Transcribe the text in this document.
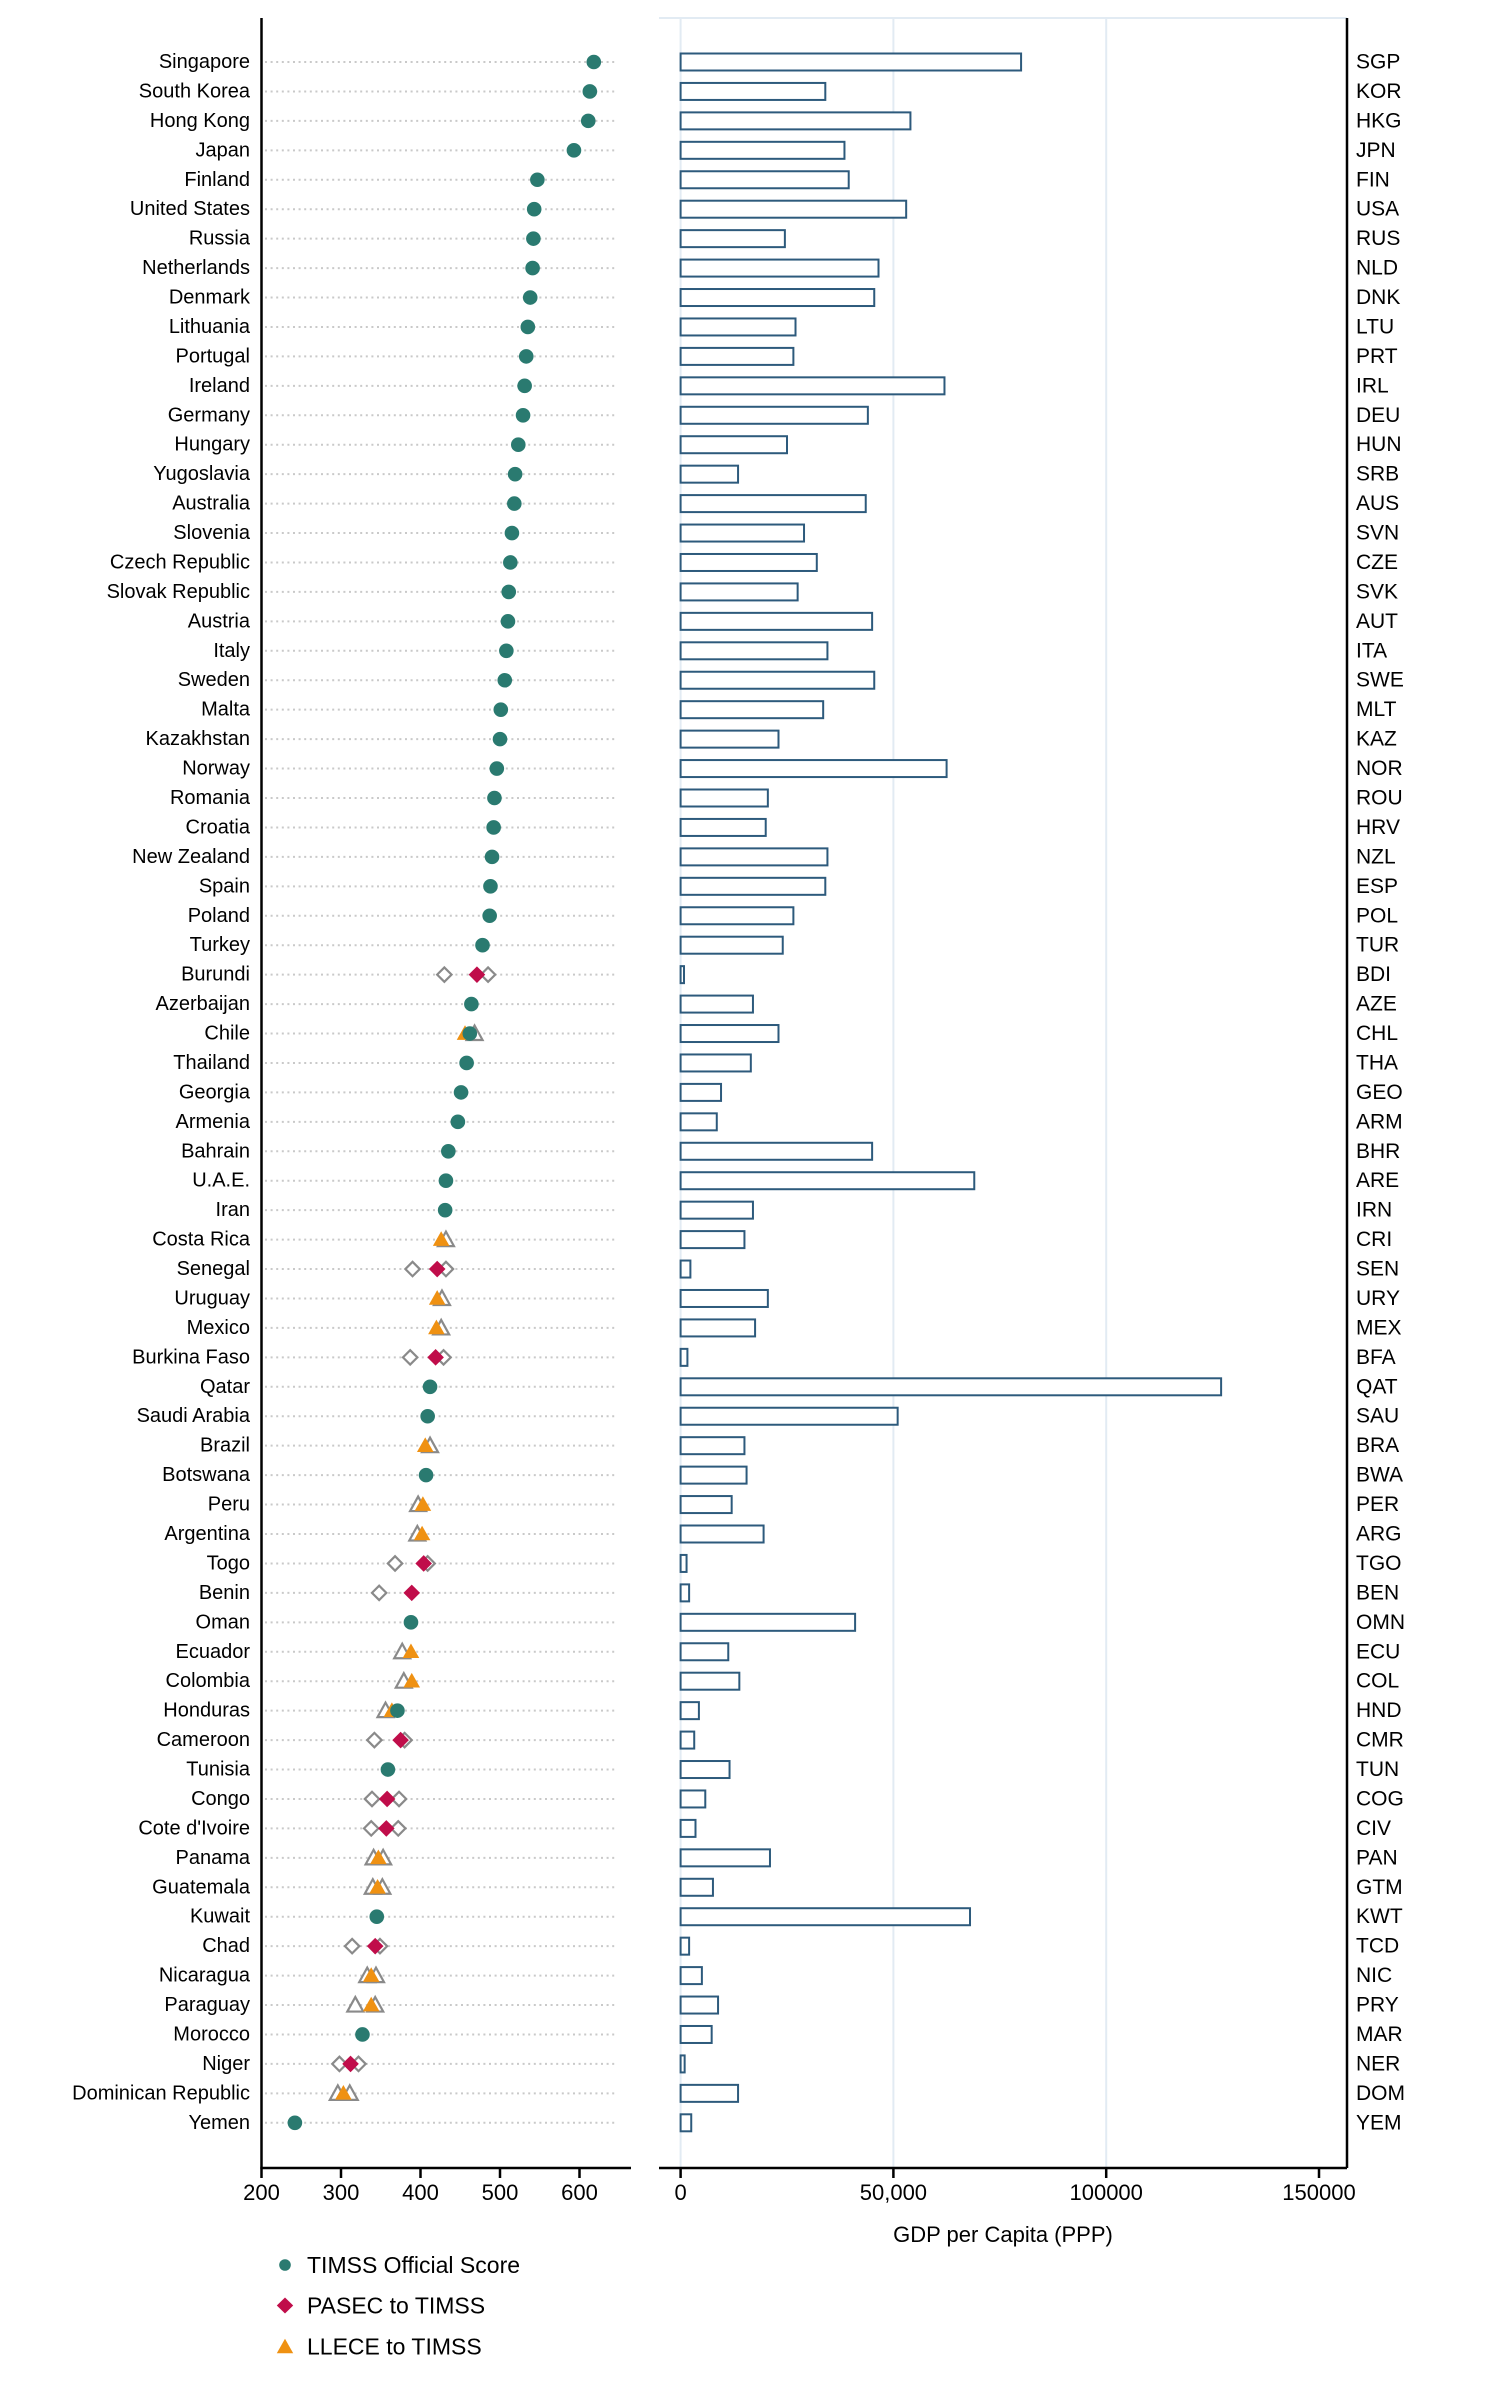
Singapore	SGP
South Korea	KOR
Hong Kong	HKG
Japan	JPN
Finland	FIN
United States	USA
Russia	RUS
Netherlands	NLD
Denmark	DNK
Lithuania	LTU
Portugal	PRT
Ireland	IRL
Germany	DEU
Hungary	HUN
Yugoslavia	SRB
Australia	AUS
Slovenia	SVN
Czech Republic	CZE
Slovak Republic	SVK
Austria	AUT
Italy	ITA
Sweden	SWE
Malta	MLT
Kazakhstan	KAZ
Norway	NOR
Romania	ROU
Croatia	HRV
New Zealand	NZL
Spain	ESP
Poland	POL
Turkey	TUR
Burundi	BDI
Azerbaijan	AZE
Chile	CHL
Thailand	THA
Georgia	GEO
Armenia	ARM
Bahrain	BHR
U.A.E.	ARE
Iran	IRN
Costa Rica	CRI
Senegal	SEN
Uruguay	URY
Mexico	MEX
Burkina Faso	BFA
Qatar	QAT
Saudi Arabia	SAU
Brazil	BRA
Botswana	BWA
Peru	PER
Argentina	ARG
Togo	TGO
Benin	BEN
Oman	OMN
Ecuador	ECU
Colombia	COL
Honduras	HND
Cameroon	CMR
Tunisia	TUN
Congo	COG
Cote d'Ivoire	CIV
Panama	PAN
Guatemala	GTM
Kuwait	KWT
Chad	TCD
Nicaragua	NIC
Paraguay	PRY
Morocco	MAR
Niger	NER
Dominican Republic	DOM
Yemen	YEM
200 300 400 500 600	0	50,000	100000	150000
GDP per Capita (PPP)
TIMSS Official Score
PASEC to TIMSS
LLECE to TIMSS
